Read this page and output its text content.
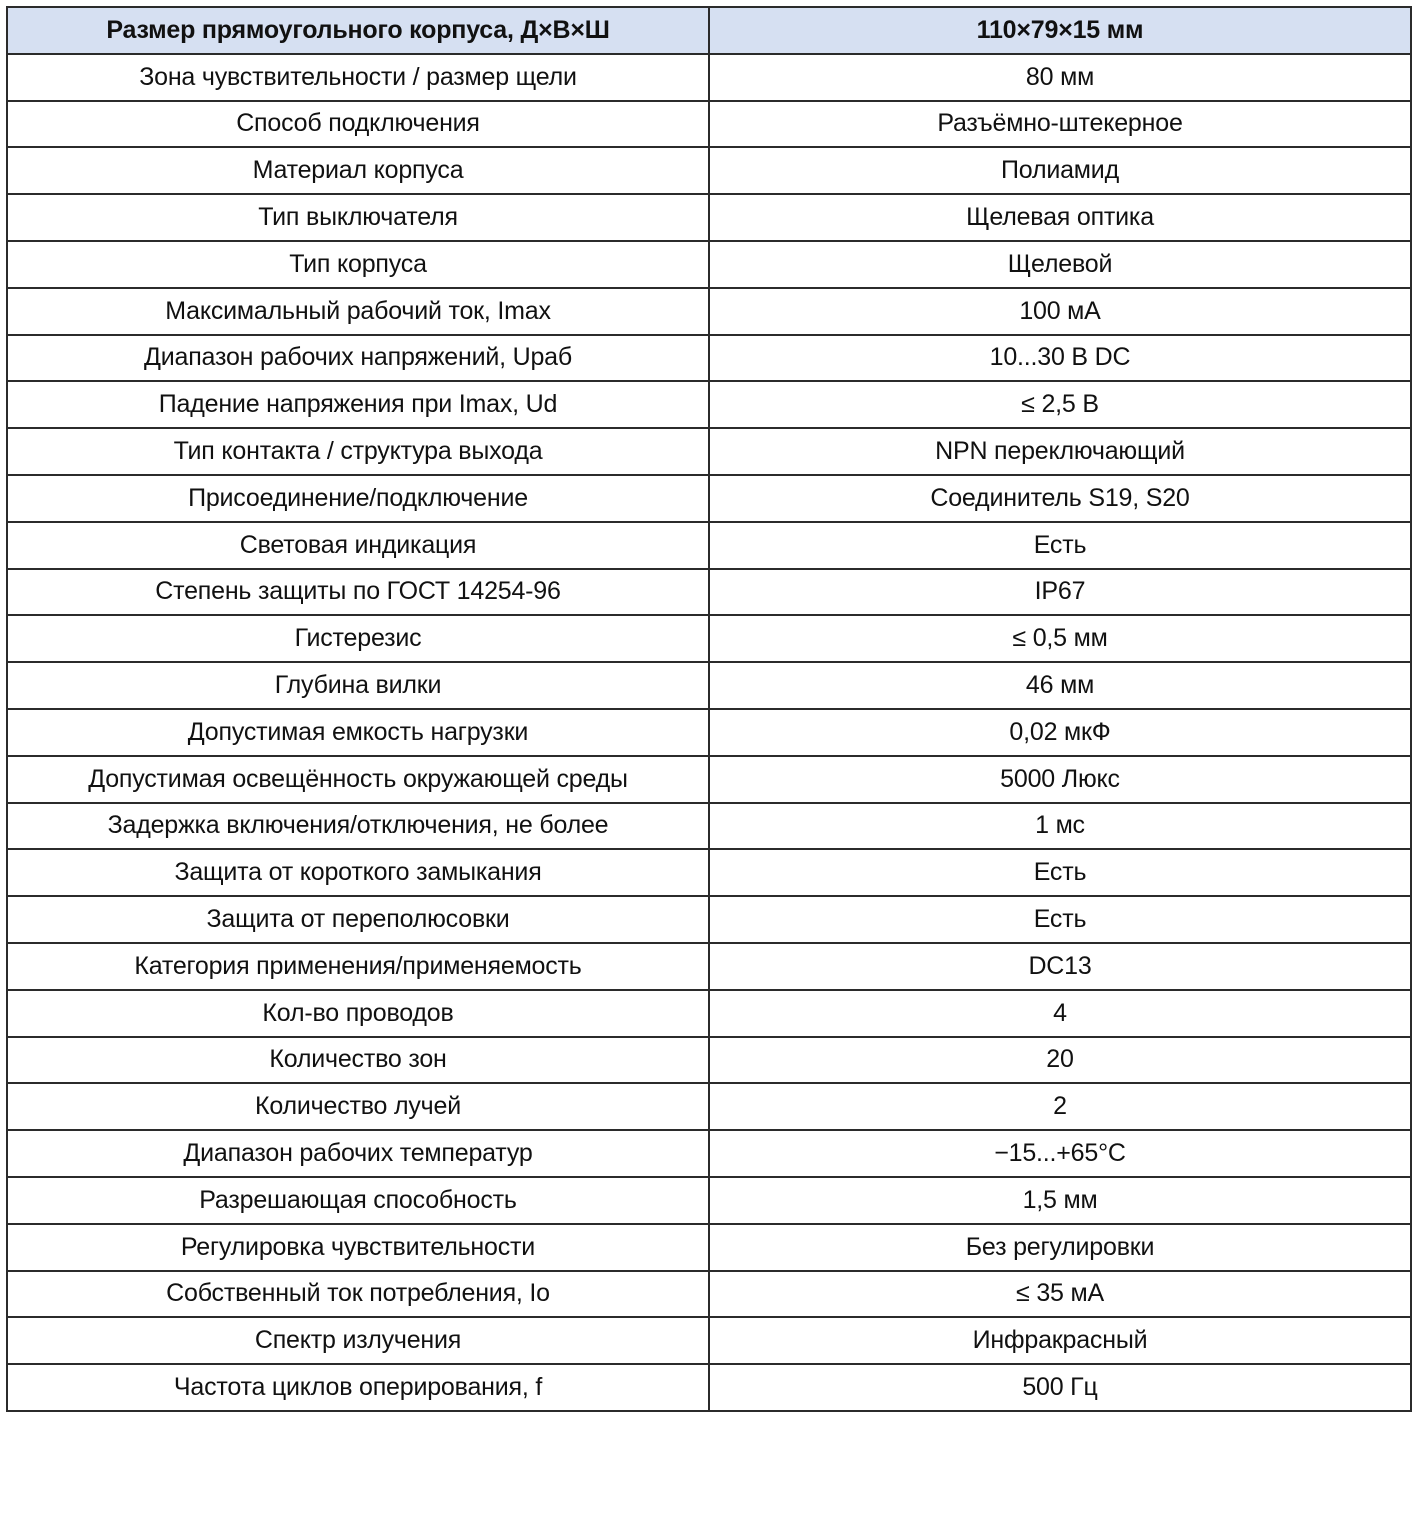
Размер прямоугольного корпуса, Д×В×Ш	110×79×15 мм
Зона чувствительности / размер щели	80 мм
Способ подключения	Разъёмно-штекерное
Материал корпуса	Полиамид
Тип выключателя	Щелевая оптика
Тип корпуса	Щелевой
Максимальный рабочий ток, Imax	100 мА
Диапазон рабочих напряжений, Uраб	10...30 В DC
Падение напряжения при Imax, Ud	≤ 2,5 В
Тип контакта / структура выхода	NPN переключающий
Присоединение/подключение	Соединитель S19, S20
Световая индикация	Есть
Степень защиты по ГОСТ 14254-96	IP67
Гистерезис	≤ 0,5 мм
Глубина вилки	46 мм
Допустимая емкость нагрузки	0,02 мкФ
Допустимая освещённость окружающей среды	5000 Люкс
Задержка включения/отключения, не более	1 мс
Защита от короткого замыкания	Есть
Защита от переполюсовки	Есть
Категория применения/применяемость	DC13
Кол-во проводов	4
Количество зон	20
Количество лучей	2
Диапазон рабочих температур	−15...+65°C
Разрешающая способность	1,5 мм
Регулировка чувствительности	Без регулировки
Собственный ток потребления, Io	≤ 35 мА
Спектр излучения	Инфракрасный
Частота циклов оперирования, f	500 Гц
